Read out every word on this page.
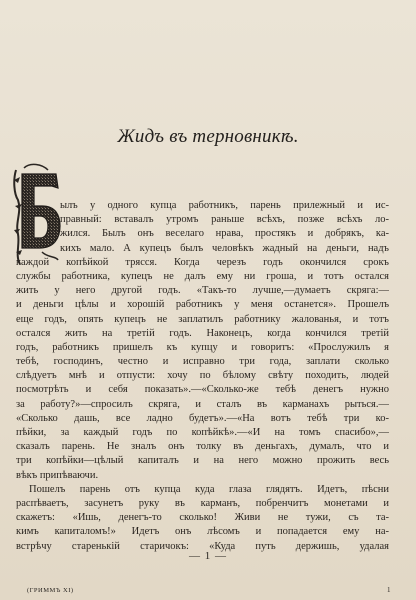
Жидъ въ терновникѣ.
ылъ у одного купца работникъ, парень прилежный и ис-
правный: вставалъ утромъ раньше всѣхъ, позже всѣхъ ло-
жился. Былъ онъ веселаго нрава, простякъ и добрякъ, ка-
кихъ мало. А купецъ былъ человѣкъ жадный на деньги, надъ
каждой копѣйкой трясся. Когда черезъ годъ окончился срокъ
службы работника, купецъ не далъ ему ни гроша, и тотъ остался
жить у него другой годъ. «Такъ-то лучше,—думаетъ скряга:—
и деньги цѣлы и хорошій работникъ у меня останется». Прошелъ
еще годъ, опять купецъ не заплатилъ работнику жалованья, и тотъ
остался жить на третій годъ. Наконецъ, когда кончился третій
годъ, работникъ пришелъ къ купцу и говоритъ: «Прослужилъ я
тебѣ, господинъ, честно и исправно три года, заплати сколько
слѣдуетъ мнѣ и отпусти: хочу по бѣлому свѣту походить, людей
посмотрѣть и себя показать».—«Сколько-же тебѣ денегъ нужно
за работу?»—спросилъ скряга, и сталъ въ карманахъ рыться.—
«Сколько дашь, все ладно будетъ».—«На вотъ тебѣ три ко-
пѣйки, за каждый годъ по копѣйкѣ».—«И на томъ спасибо»,—
сказалъ парень. Не зналъ онъ толку въ деньгахъ, думалъ, что и
три копѣйки—цѣлый капиталъ и на него можно прожить весь
вѣкъ припѣваючи.
Пошелъ парень отъ купца куда глаза глядятъ. Идетъ, пѣсни
распѣваетъ, засунетъ руку въ карманъ, побренчитъ монетами и
скажетъ: «Ишь, денегъ-то сколько! Живи не тужи, съ та-
кимъ капиталомъ!» Идетъ онъ лѣсомъ и попадается ему на-
встрѣчу старенькій старичокъ: «Куда путь держишь, удалая
— 1 —
(ГРИММЪ XI)	1
